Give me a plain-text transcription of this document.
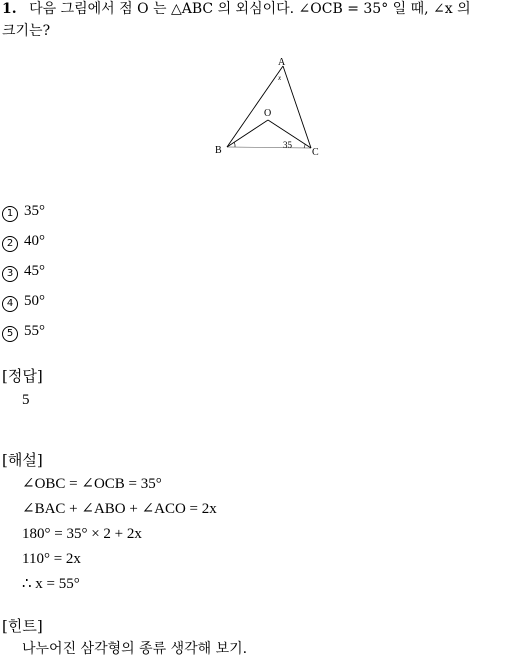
1. 다음 그림에서 점 O 는 △ABC 의 외심이다. ∠OCB = 35° 일 때, ∠x 의
크기는?
A
x
O
B	C
35
1 35°
2 40°
3 45°
4 50°
5 55°
[정답]
5
[해설]
∠OBC = ∠OCB = 35°
∠BAC + ∠ABO + ∠ACO = 2x
180° = 35° × 2 + 2x
110° = 2x
∴ x = 55°
[힌트]
나누어진 삼각형의 종류 생각해 보기.
